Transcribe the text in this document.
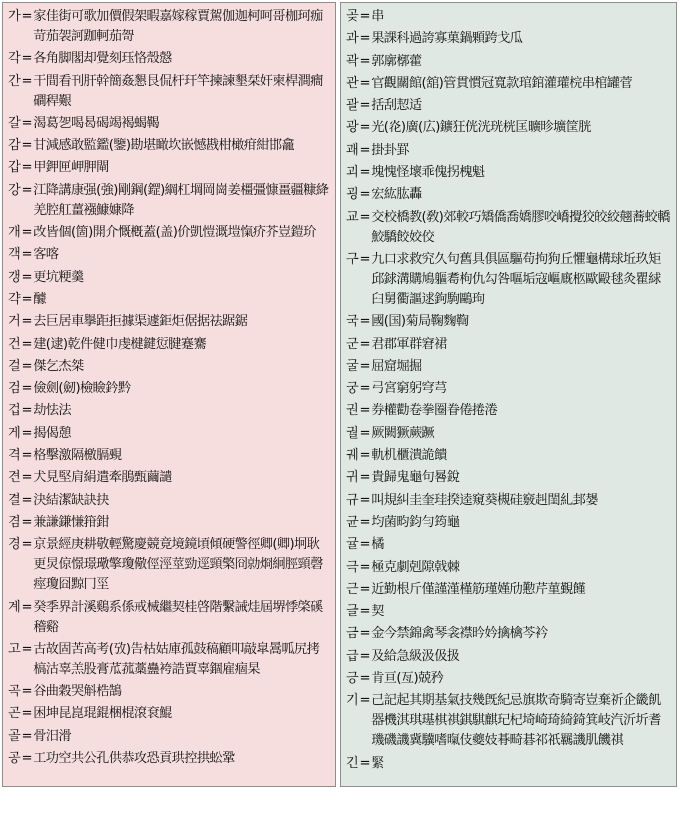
가= 家佳街可歌加價假架暇嘉嫁稼賈駕伽迦柯呵哥枷珂痂苛茄袈訶跏軻茄哿
각= 各角脚閣却覺刻珏恪殼慤
간= 干間看刊肝幹簡姦懇艮侃杆玕竿揀諫墾栞奸柬桿澗癎磵稈艱
갈= 渴葛乫喝曷碣竭褐蝎鞨
감= 甘減感敢監鑑(鑒)勘堪瞰坎嵌憾戡柑橄疳紺邯龕
갑= 甲鉀匣岬胛閘
강= 江降講康强(強)剛鋼(鎠)綱杠堈岡崗姜橿彊慷畺疆糠絳羌腔舡薑襁鱇嫝降
개= 改皆個(箇)開介慨槪蓋(盖)价凱愷溉塏愾疥芥豈鎧玠
객= 客喀
갱= 更坑粳羹
갹= 醵
거= 去巨居車擧距拒據渠遽鉅炬倨据祛踞鋸
건= 建(逮)乾件健巾虔楗鍵愆腱蹇騫
걸= 傑乞杰桀
검= 儉劍(劒)檢瞼鈐黔
겁= 劫怯法
게= 揭偈憩
격= 格擊激隔檄膈覡
견= 犬見堅肩絹遣牽鵑甄繭譴
결= 決結潔缺訣抉
겸= 兼謙鎌慊箝鉗
경= 京景經庚耕敬輕驚慶競竟境鏡頃傾硬警徑卿(卿)坰耿更炅倞憬璟璥擎瓊儆俓涇莖勁逕頸檠冏勍烱絅脛頸磬痙瓊囧黥冂坙
계= 癸季界計溪鷄系係戒械繼契桂啓階繫誡烓屆堺悸棨磎稽谿
고= 古故固苦高考(攷)告枯姑庫孤鼓稿顧叩敲皐暠呱尻拷槁沽辜羔股膏苽菰藁蠱袴誥賈辜錮雇痼杲
곡= 谷曲穀哭斛梏鵠
곤= 困坤昆崑琨錕梱棍滾袞鯤
골= 骨汨滑
공= 工功空共公孔供恭攻恐貢珙控拱蚣鞏
곶= 串
과= 果課科過誇寡菓鍋顆跨戈瓜
곽= 郭廓槨藿
관= 官觀關館(舘)管貫慣冠寬款琯錧灌瓘梡串棺罐菅
괄= 括刮恝适
광= 光(炛)廣(広)鑛狂侊洸珖桄匡曠昣壙筐胱
괘= 掛卦罫
괴= 塊愧怪壞乖傀拐槐魁
굉= 宏紘肱轟
교= 交校橋教(敎)郊較巧矯僑喬嬌膠咬嶠攪狡皎絞翹蕎蛟轎鮫驕餃姣佼
구= 九口求救究久句舊具俱區驅苟拘狗丘懼龜構球坵玖矩邱銶溝購鳩軀耈枸仇勾咎嘔垢寇嶇廐柩歐毆毬灸瞿絿臼舅衢謳逑鉤駒鷗玽
국= 國(国)菊局鞠麴鞫
군= 君郡軍群窘裙
굴= 屈窟堀掘
궁= 弓宮窮躬穹芎
권= 券權勸卷拳圈眷倦捲淃
궐= 厥闕獗蕨蹶
궤= 軌机櫃潰詭饋
귀= 貴歸鬼龜句晷銳
규= 叫規糾圭奎珪揆逵窺葵槻硅竅赳閨糺邽嫢
균= 均菌畇鈞勻筠龜
귤= 橘
극= 極克劇剋隙戟棘
근= 近勤根斤僅謹漌槿筋瑾嫤劤懃芹菫覲饉
글= 契
금= 金今禁錦禽琴衾襟昑妗擒檎芩衿
급= 及給急級汲伋扱
긍= 肯亘(亙)兢矜
기= 己記起其期基氣技幾旣紀忌旗欺奇騎寄豈棄祈企畿飢器機淇琪璂棋祺錤騏麒玘杞埼崎琦綺錡箕岐汽沂圻耆璣磯譏冀驥嗜暣伎夔妓朞畸碁祁祇羈譏肌饑祺
긴= 緊
